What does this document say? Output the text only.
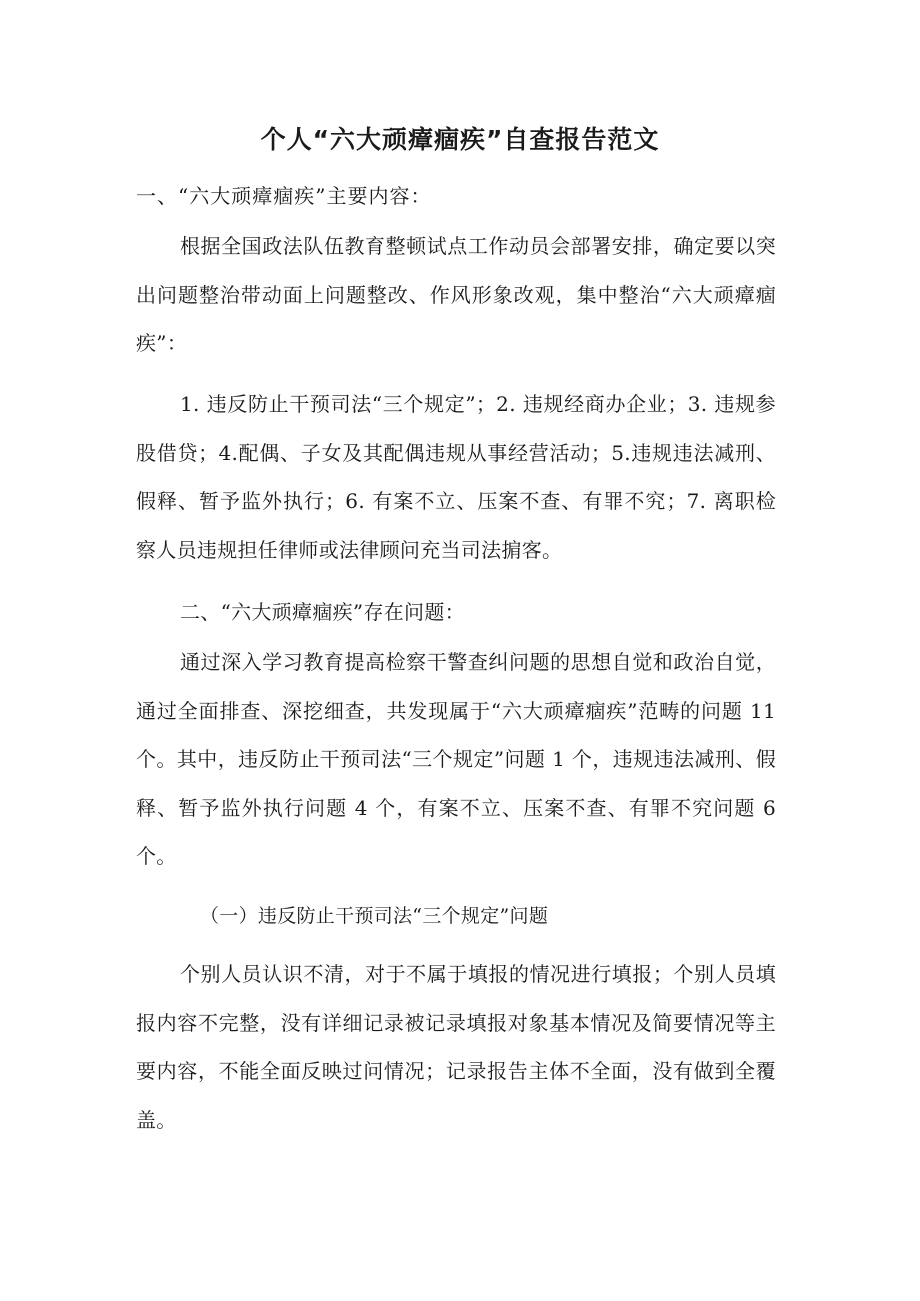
个人“六大顽瘴痼疾”自查报告范文

一、“六大顽瘴痼疾”主要内容：

根据全国政法队伍教育整顿试点工作动员会部署安排，确定要以突出问题整治带动面上问题整改、作风形象改观，集中整治“六大顽瘴痼疾”：

1. 违反防止干预司法“三个规定”；2. 违规经商办企业；3. 违规参股借贷；4.配偶、子女及其配偶违规从事经营活动；5.违规违法减刑、假释、暂予监外执行；6. 有案不立、压案不查、有罪不究；7. 离职检察人员违规担任律师或法律顾问充当司法掮客。

二、“六大顽瘴痼疾”存在问题：

通过深入学习教育提高检察干警查纠问题的思想自觉和政治自觉，通过全面排查、深挖细查，共发现属于“六大顽瘴痼疾”范畴的问题 11 个。其中，违反防止干预司法“三个规定”问题 1 个，违规违法减刑、假释、暂予监外执行问题 4 个，有案不立、压案不查、有罪不究问题 6 个。

（一）违反防止干预司法“三个规定”问题

个别人员认识不清，对于不属于填报的情况进行填报；个别人员填报内容不完整，没有详细记录被记录填报对象基本情况及简要情况等主要内容，不能全面反映过问情况；记录报告主体不全面，没有做到全覆盖。
